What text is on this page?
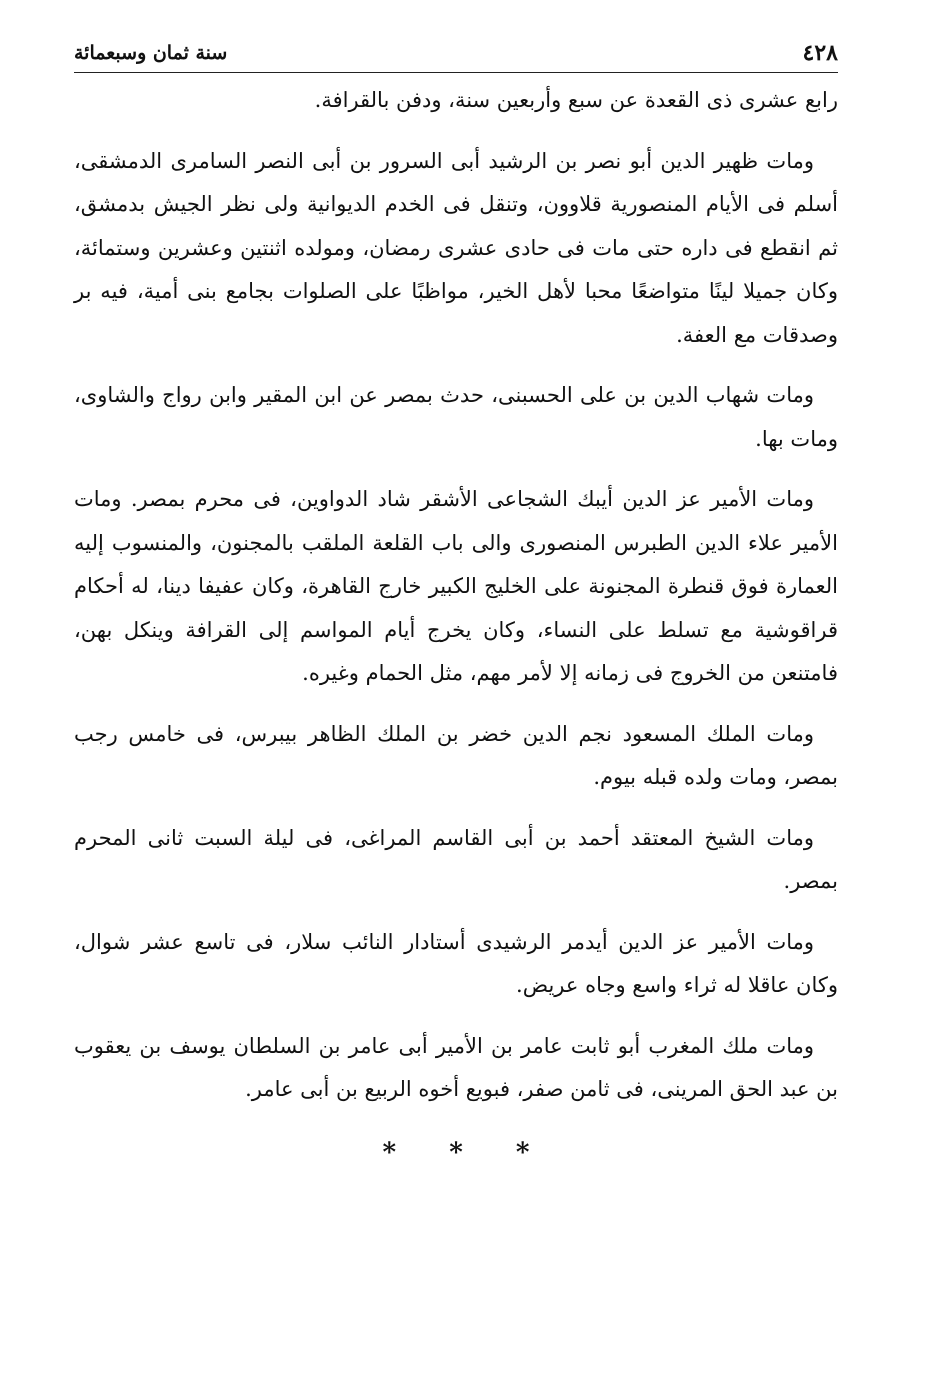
٤٢٨
سنة ثمان وسبعمائة

رابع عشرى ذى القعدة عن سبع وأربعين سنة، ودفن بالقرافة.

ومات ظهير الدين أبو نصر بن الرشيد أبى السرور بن أبى النصر السامرى الدمشقى، أسلم فى الأيام المنصورية قلاوون، وتنقل فى الخدم الديوانية ولى نظر الجيش بدمشق، ثم انقطع فى داره حتى مات فى حادى عشرى رمضان، ومولده اثنتين وعشرين وستمائة، وكان جميلا لينًا متواضعًا محبا لأهل الخير، مواظبًا على الصلوات بجامع بنى أمية، فيه بر وصدقات مع العفة.

ومات شهاب الدين بن على الحسبنى، حدث بمصر عن ابن المقير وابن رواج والشاوى، ومات بها.

ومات الأمير عز الدين أيبك الشجاعى الأشقر شاد الدواوين، فى محرم بمصر. ومات الأمير علاء الدين الطبرس المنصورى والى باب القلعة الملقب بالمجنون، والمنسوب إليه العمارة فوق قنطرة المجنونة على الخليج الكبير خارج القاهرة، وكان عفيفا دينا، له أحكام قراقوشية مع تسلط على النساء، وكان يخرج أيام المواسم إلى القرافة وينكل بهن، فامتنعن من الخروج فى زمانه إلا لأمر مهم، مثل الحمام وغيره.

ومات الملك المسعود نجم الدين خضر بن الملك الظاهر بيبرس، فى خامس رجب بمصر، ومات ولده قبله بيوم.

ومات الشيخ المعتقد أحمد بن أبى القاسم المراغى، فى ليلة السبت ثانى المحرم بمصر.

ومات الأمير عز الدين أيدمر الرشيدى أستادار النائب سلار، فى تاسع عشر شوال، وكان عاقلا له ثراء واسع وجاه عريض.

ومات ملك المغرب أبو ثابت عامر بن الأمير أبى عامر بن السلطان يوسف بن يعقوب بن عبد الحق المرينى، فى ثامن صفر، فبويع أخوه الربيع بن أبى عامر.

* * *
